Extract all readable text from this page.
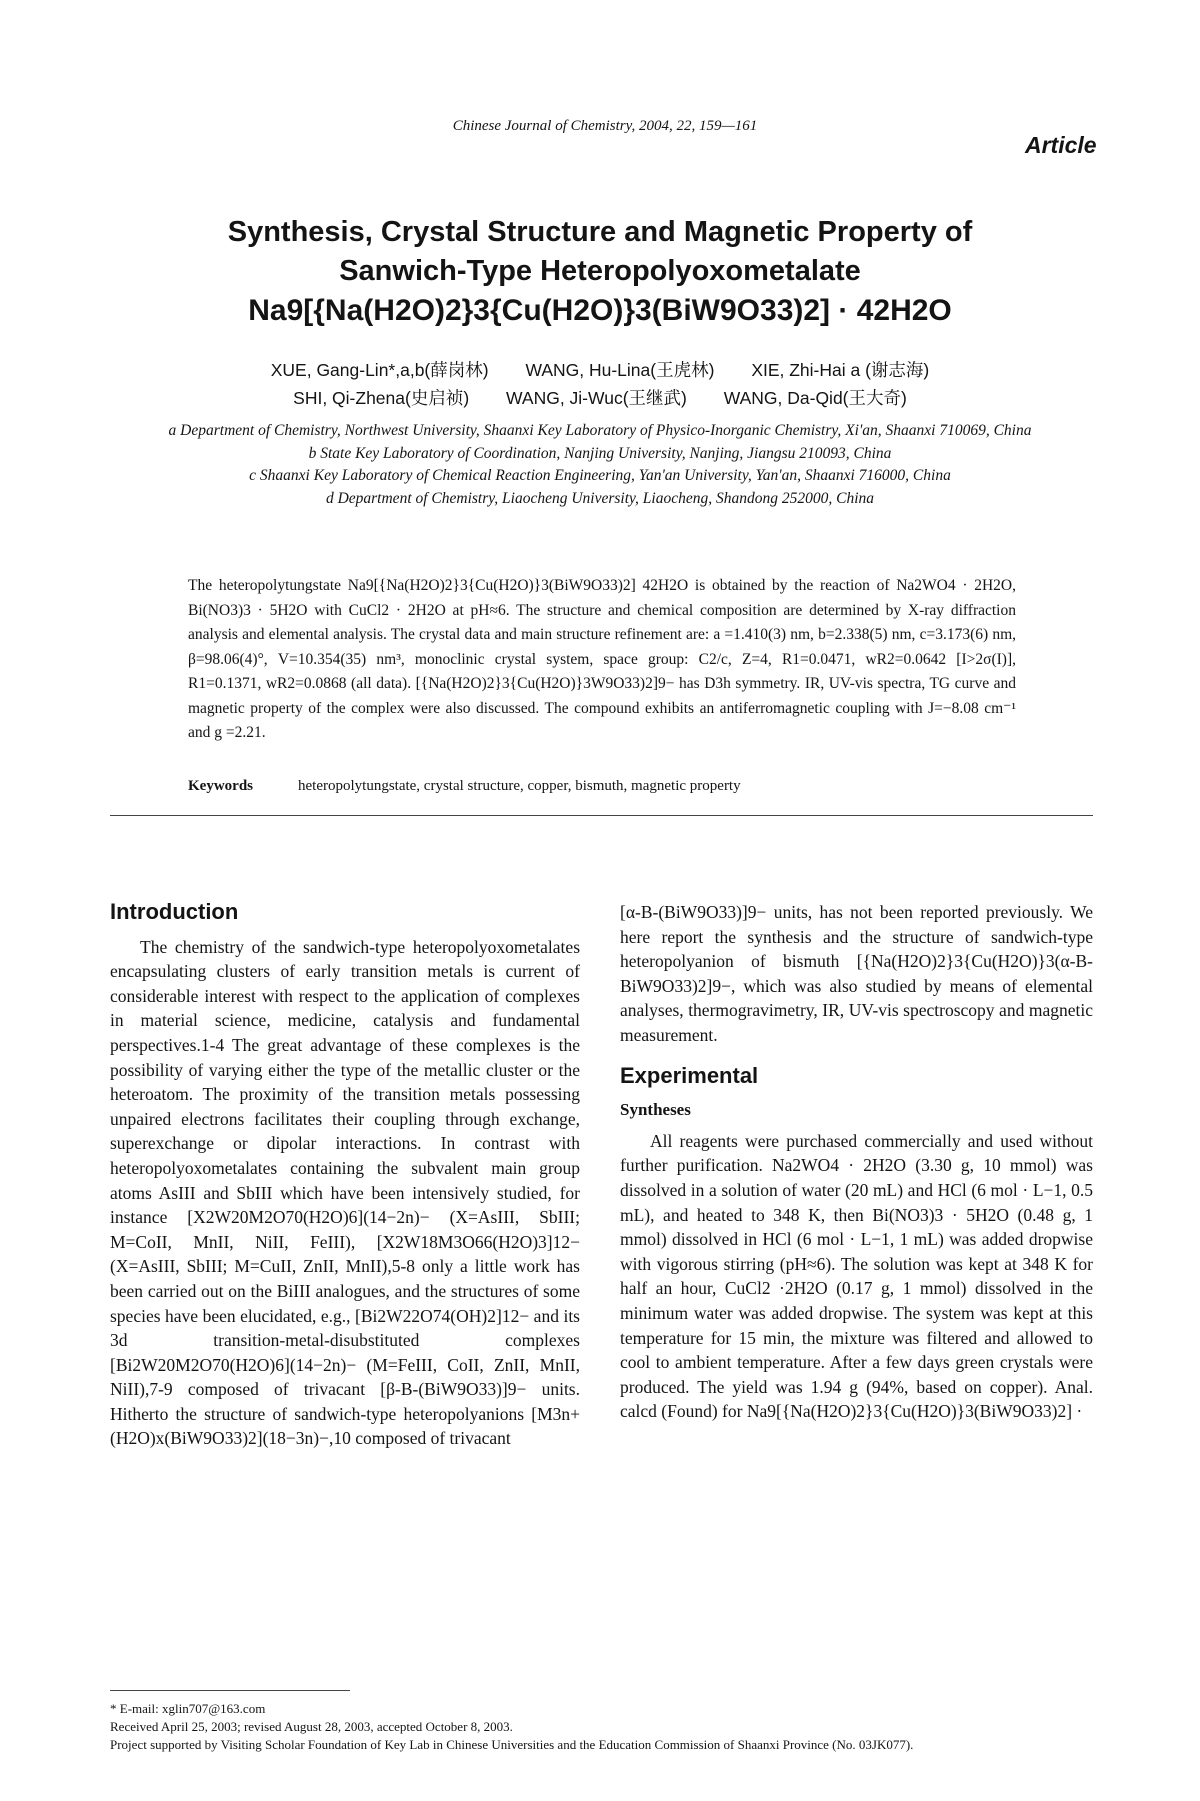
Chinese Journal of Chemistry, 2004, 22, 159—161
Article
Synthesis, Crystal Structure and Magnetic Property of
Sanwich-Type Heteropolyoxometalate
Na9[{Na(H2O)2}3{Cu(H2O)}3(BiW9O33)2] · 42H2O
XUE, Gang-Lin*,a,b(薛岗林) WANG, Hu-Lina(王虎林) XIE, Zhi-Hai a (谢志海)
SHI, Qi-Zhena(史启祯) WANG, Ji-Wuc(王继武) WANG, Da-Qid(王大奇)
a Department of Chemistry, Northwest University, Shaanxi Key Laboratory of Physico-Inorganic Chemistry, Xi'an, Shaanxi 710069, China
b State Key Laboratory of Coordination, Nanjing University, Nanjing, Jiangsu 210093, China
c Shaanxi Key Laboratory of Chemical Reaction Engineering, Yan'an University, Yan'an, Shaanxi 716000, China
d Department of Chemistry, Liaocheng University, Liaocheng, Shandong 252000, China
The heteropolytungstate Na9[{Na(H2O)2}3{Cu(H2O)}3(BiW9O33)2] 42H2O is obtained by the reaction of Na2WO4 · 2H2O, Bi(NO3)3 · 5H2O with CuCl2 · 2H2O at pH≈6. The structure and chemical composition are determined by X-ray diffraction analysis and elemental analysis. The crystal data and main structure refinement are: a =1.410(3) nm, b=2.338(5) nm, c=3.173(6) nm, β=98.06(4)°, V=10.354(35) nm³, monoclinic crystal system, space group: C2/c, Z=4, R1=0.0471, wR2=0.0642 [I>2σ(I)], R1=0.1371, wR2=0.0868 (all data). [{Na(H2O)2}3{Cu(H2O)}3W9O33)2]9− has D3h symmetry. IR, UV-vis spectra, TG curve and magnetic property of the complex were also discussed. The compound exhibits an antiferromagnetic coupling with J=−8.08 cm⁻¹ and g =2.21.
Keywords	heteropolytungstate, crystal structure, copper, bismuth, magnetic property
Introduction

The chemistry of the sandwich-type heteropolyoxometalates encapsulating clusters of early transition metals is current of considerable interest with respect to the application of complexes in material science, medicine, catalysis and fundamental perspectives.1-4 The great advantage of these complexes is the possibility of varying either the type of the metallic cluster or the heteroatom. The proximity of the transition metals possessing unpaired electrons facilitates their coupling through exchange, superexchange or dipolar interactions. In contrast with heteropolyoxometalates containing the subvalent main group atoms AsIII and SbIII which have been intensively studied, for instance [X2W20M2O70(H2O)6](14−2n)− (X=AsIII, SbIII; M=CoII, MnII, NiII, FeIII), [X2W18M3O66(H2O)3]12− (X=AsIII, SbIII; M=CuII, ZnII, MnII),5-8 only a little work has been carried out on the BiIII analogues, and the structures of some species have been elucidated, e.g., [Bi2W22O74(OH)2]12− and its 3d transition-metal-disubstituted complexes [Bi2W20M2O70(H2O)6](14−2n)− (M=FeIII, CoII, ZnII, MnII, NiII),7-9 composed of trivacant [β-B-(BiW9O33)]9− units. Hitherto the structure of sandwich-type heteropolyanions [M3n+(H2O)x(BiW9O33)2](18−3n)−,10 composed of trivacant

[α-B-(BiW9O33)]9− units, has not been reported previously. We here report the synthesis and the structure of sandwich-type heteropolyanion of bismuth [{Na(H2O)2}3{Cu(H2O)}3(α-B-BiW9O33)2]9−, which was also studied by means of elemental analyses, thermogravimetry, IR, UV-vis spectroscopy and magnetic measurement.

Experimental
Syntheses

All reagents were purchased commercially and used without further purification. Na2WO4 · 2H2O (3.30 g, 10 mmol) was dissolved in a solution of water (20 mL) and HCl (6 mol · L−1, 0.5 mL), and heated to 348 K, then Bi(NO3)3 · 5H2O (0.48 g, 1 mmol) dissolved in HCl (6 mol · L−1, 1 mL) was added dropwise with vigorous stirring (pH≈6). The solution was kept at 348 K for half an hour, CuCl2 ·2H2O (0.17 g, 1 mmol) dissolved in the minimum water was added dropwise. The system was kept at this temperature for 15 min, the mixture was filtered and allowed to cool to ambient temperature. After a few days green crystals were produced. The yield was 1.94 g (94%, based on copper). Anal. calcd (Found) for Na9[{Na(H2O)2}3{Cu(H2O)}3(BiW9O33)2] ·

* E-mail: xglin707@163.com
Received April 25, 2003; revised August 28, 2003, accepted October 8, 2003.
Project supported by Visiting Scholar Foundation of Key Lab in Chinese Universities and the Education Commission of Shaanxi Province (No. 03JK077).
